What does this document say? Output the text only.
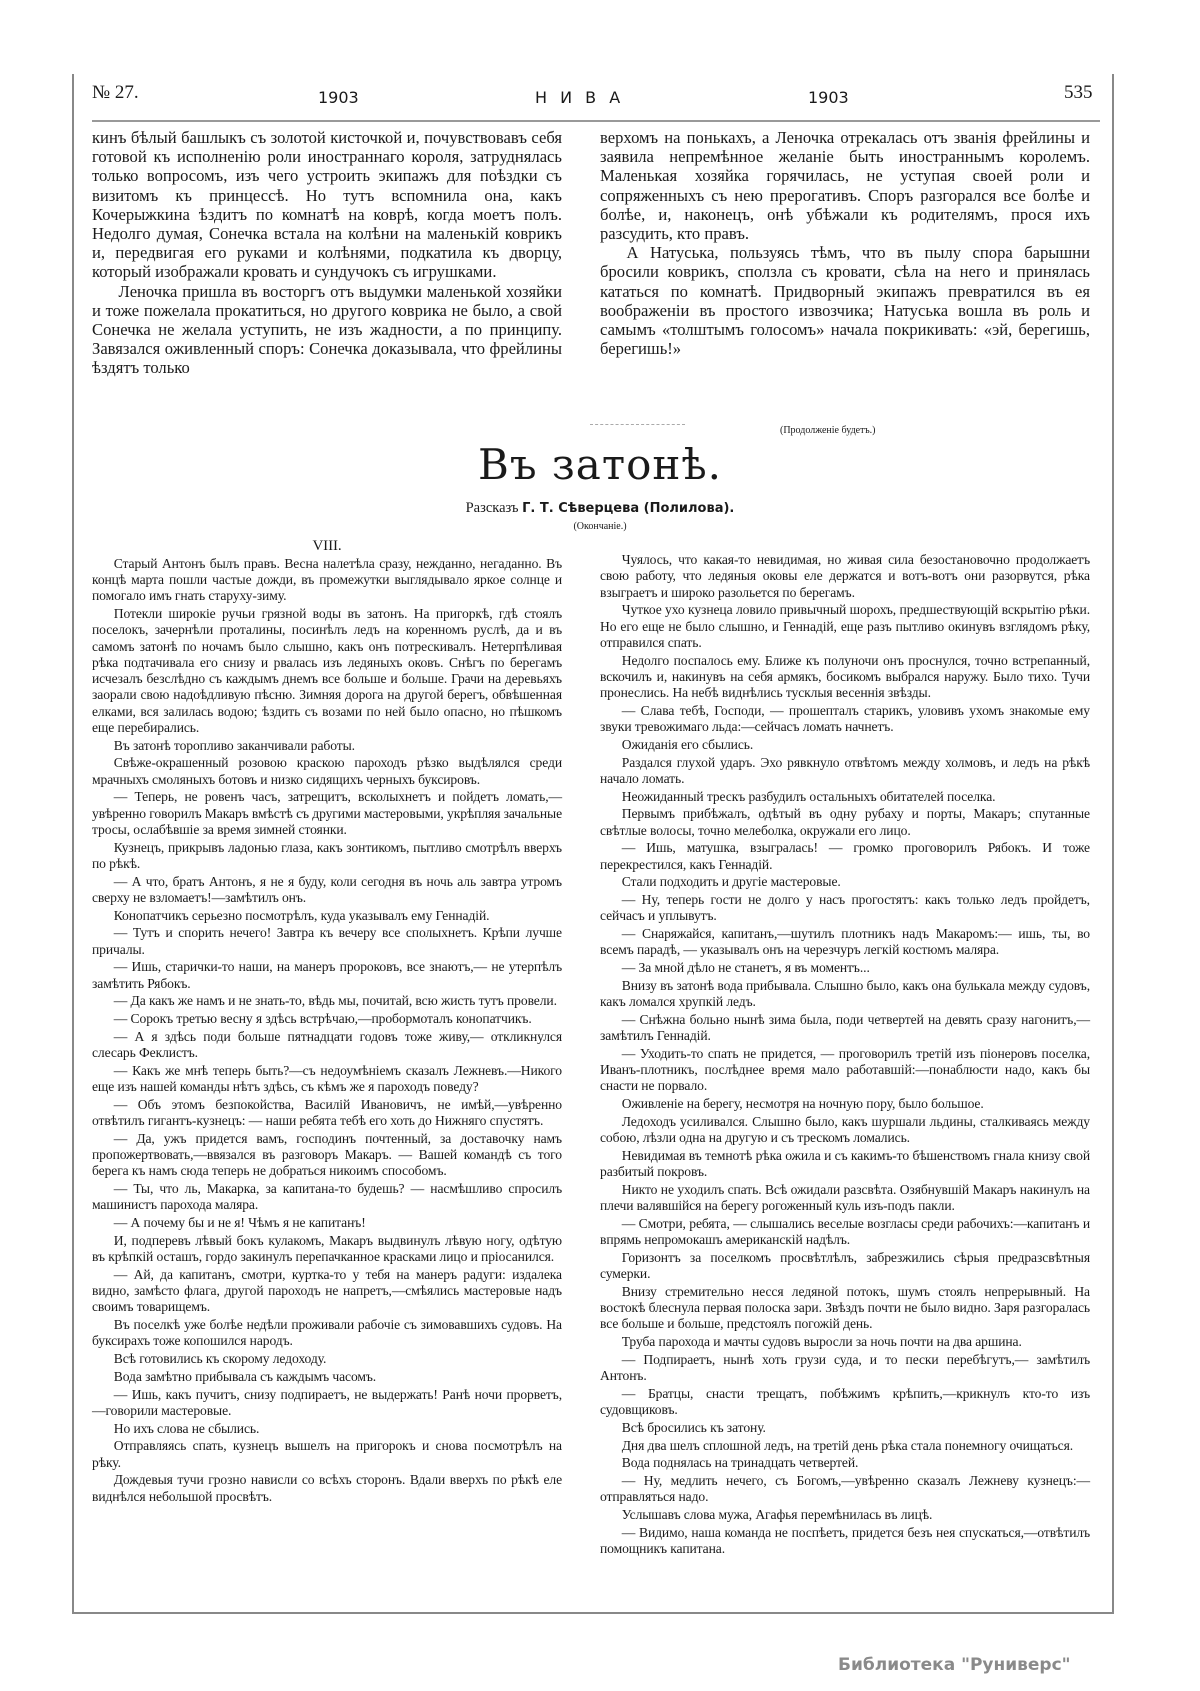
№ 27.	1903	Н И В А	1903	535

кинъ бѣлый башлыкъ съ золотой кисточкой и, почувствовавъ себя готовой къ исполненію роли иностраннаго короля, затруднялась только вопросомъ, изъ чего устроить экипажъ для поѣздки съ визитомъ къ принцессѣ. Но тутъ вспомнила она, какъ Кочерыжкина ѣздитъ по комнатѣ на коврѣ, когда моетъ полъ. Недолго думая, Сонечка встала на колѣни на маленькій коврикъ и, передвигая его руками и колѣнями, подкатила къ дворцу, который изображали кровать и сундучокъ съ игрушками.

Леночка пришла въ восторгъ отъ выдумки маленькой хозяйки и тоже пожелала прокатиться, но другого коврика не было, а свой Сонечка не желала уступить, не изъ жадности, а по принципу. Завязался оживленный споръ: Сонечка доказывала, что фрейлины ѣздятъ только

верхомъ на понькахъ, а Леночка отрекалась отъ званія фрейлины и заявила непремѣнное желаніе быть иностраннымъ королемъ. Маленькая хозяйка горячилась, не уступая своей роли и сопряженныхъ съ нею прерогативъ. Споръ разгорался все болѣе и болѣе, и, наконецъ, онѣ убѣжали къ родителямъ, прося ихъ разсудить, кто правъ.

А Натуська, пользуясь тѣмъ, что въ пылу спора барышни бросили коврикъ, сползла съ кровати, сѣла на него и принялась кататься по комнатѣ. Придворный экипажъ превратился въ ея воображеніи въ простого извозчика; Натуська вошла въ роль и самымъ «толштымъ голосомъ» начала покрикивать: «эй, берегишь, берегишь!»

(Продолженіе будетъ.)
Въ затонѣ.
Разсказъ Г. Т. Сѣверцева (Полилова).
(Окончаніе.)

VIII.

Старый Антонъ былъ правъ. Весна налетѣла сразу, нежданно, негаданно. Въ концѣ марта пошли частые дожди, въ промежутки выглядывало яркое солнце и помогало имъ гнать старуху-зиму.

Потекли широкіе ручьи грязной воды въ затонъ. На пригоркѣ, гдѣ стоялъ поселокъ, зачернѣли проталины, посинѣлъ ледъ на коренномъ руслѣ, да и въ самомъ затонѣ по ночамъ было слышно, какъ онъ потрескивалъ. Нетерпѣливая рѣка подтачивала его снизу и рвалась изъ ледяныхъ оковъ. Снѣгъ по берегамъ исчезалъ безслѣдно съ каждымъ днемъ все больше и больше. Грачи на деревьяхъ заорали свою надоѣдливую пѣсню. Зимняя дорога на другой берегъ, обвѣшенная елками, вся залилась водою; ѣздить съ возами по ней было опасно, но пѣшкомъ еще перебирались.

Въ затонѣ торопливо заканчивали работы.

Свѣже-окрашенный розовою краскою пароходъ рѣзко выдѣлялся среди мрачныхъ смоляныхъ ботовъ и низко сидящихъ черныхъ буксировъ.

— Теперь, не ровенъ часъ, затрещитъ, всколыхнетъ и пойдетъ ломать,—увѣренно говорилъ Макаръ вмѣстѣ съ другими мастеровыми, укрѣпляя зачальные тросы, ослабѣвшіе за время зимней стоянки.

Кузнецъ, прикрывъ ладонью глаза, какъ зонтикомъ, пытливо смотрѣлъ вверхъ по рѣкѣ.

— А что, братъ Антонъ, я не я буду, коли сегодня въ ночь аль завтра утромъ сверху не взломаетъ!—замѣтилъ онъ.

Конопатчикъ серьезно посмотрѣлъ, куда указывалъ ему Геннадій.

— Тутъ и спорить нечего! Завтра къ вечеру все сполыхнетъ. Крѣпи лучше причалы.

— Ишь, старички-то наши, на манеръ пророковъ, все знаютъ,— не утерпѣлъ замѣтить Рябокъ.

— Да какъ же намъ и не знать-то, вѣдь мы, почитай, всю жисть тутъ провели.

— Сорокъ третью весну я здѣсь встрѣчаю,—пробормоталъ конопатчикъ.

— А я здѣсь поди больше пятнадцати годовъ тоже живу,— откликнулся слесарь Феклистъ.

— Какъ же мнѣ теперь быть?—съ недоумѣніемъ сказалъ Лежневъ.—Никого еще изъ нашей команды нѣтъ здѣсь, съ кѣмъ же я пароходъ поведу?

— Объ этомъ безпокойства, Василій Ивановичъ, не имѣй,—увѣренно отвѣтилъ гигантъ-кузнецъ: — наши ребята тебѣ его хоть до Нижняго спустятъ.

— Да, ужъ придется вамъ, господинъ почтенный, за доставочку намъ пропожертвовать,—ввязался въ разговоръ Макаръ. — Вашей командѣ съ того берега къ намъ сюда теперь не добраться никоимъ способомъ.

— Ты, что ль, Макарка, за капитана-то будешь? — насмѣшливо спросилъ машинистъ парохода маляра.

— А почему бы и не я! Чѣмъ я не капитанъ!

И, подперевъ лѣвый бокъ кулакомъ, Макаръ выдвинулъ лѣвую ногу, одѣтую въ крѣпкій осташъ, гордо закинулъ перепачканное красками лицо и пріосанился.

— Ай, да капитанъ, смотри, куртка-то у тебя на манеръ радуги: издалека видно, замѣсто флага, другой пароходъ не напретъ,—смѣялись мастеровые надъ своимъ товарищемъ.

Въ поселкѣ уже болѣе недѣли проживали рабочіе съ зимовавшихъ судовъ. На буксирахъ тоже копошился народъ.

Всѣ готовились къ скорому ледоходу.

Вода замѣтно прибывала съ каждымъ часомъ.

— Ишь, какъ пучитъ, снизу подпираетъ, не выдержать! Ранѣ ночи прорветъ,—говорили мастеровые.

Но ихъ слова не сбылись.

Отправляясь спать, кузнецъ вышелъ на пригорокъ и снова посмотрѣлъ на рѣку.

Дождевыя тучи грозно нависли со всѣхъ сторонъ. Вдали вверхъ по рѣкѣ еле виднѣлся небольшой просвѣтъ.

Чуялось, что какая-то невидимая, но живая сила безостановочно продолжаетъ свою работу, что ледяныя оковы еле держатся и вотъ-вотъ они разорвутся, рѣка взыграетъ и широко разольется по берегамъ.

Чуткое ухо кузнеца ловило привычный шорохъ, предшествующій вскрытію рѣки. Но его еще не было слышно, и Геннадій, еще разъ пытливо окинувъ взглядомъ рѣку, отправился спать.

Недолго поспалось ему. Ближе къ полуночи онъ проснулся, точно встрепанный, вскочилъ и, накинувъ на себя армякъ, босикомъ выбрался наружу. Было тихо. Тучи пронеслись. На небѣ виднѣлись тусклыя весеннія звѣзды.

— Слава тебѣ, Господи, — прошепталъ старикъ, уловивъ ухомъ знакомые ему звуки тревожимаго льда:—сейчасъ ломать начнетъ.

Ожиданія его сбылись.

Раздался глухой ударъ. Эхо рявкнуло отвѣтомъ между холмовъ, и ледъ на рѣкѣ начало ломать.

Неожиданный трескъ разбудилъ остальныхъ обитателей поселка.

Первымъ прибѣжалъ, одѣтый въ одну рубаху и порты, Макаръ; спутанные свѣтлые волосы, точно мелеболка, окружали его лицо.

— Ишь, матушка, взыгралась! — громко проговорилъ Рябокъ. И тоже перекрестился, какъ Геннадій.

Стали подходить и другіе мастеровые.

— Ну, теперь гости не долго у насъ прогостятъ: какъ только ледъ пройдетъ, сейчасъ и уплывутъ.

— Снаряжайся, капитанъ,—шутилъ плотникъ надъ Макаромъ:— ишь, ты, во всемъ парадѣ, — указывалъ онъ на черезчуръ легкій костюмъ маляра.

— За мной дѣло не станетъ, я въ моментъ...

Внизу въ затонѣ вода прибывала. Слышно было, какъ она булькала между судовъ, какъ ломался хрупкій ледъ.

— Снѣжна больно нынѣ зима была, поди четвертей на девять сразу нагонитъ,—замѣтилъ Геннадій.

— Уходить-то спать не придется, — проговорилъ третій изъ піонеровъ поселка, Иванъ-плотникъ, послѣднее время мало работавшій:—понаблюсти надо, какъ бы снасти не порвало.

Оживленіе на берегу, несмотря на ночную пору, было большое.

Ледоходъ усиливался. Слышно было, какъ шуршали льдины, сталкиваясь между собою, лѣзли одна на другую и съ трескомъ ломались.

Невидимая въ темнотѣ рѣка ожила и съ какимъ-то бѣшенствомъ гнала книзу свой разбитый покровъ.

Никто не уходилъ спать. Всѣ ожидали разсвѣта. Озябнувшій Макаръ накинулъ на плечи валявшійся на берегу рогоженный куль изъ-подъ пакли.

— Смотри, ребята, — слышались веселые возгласы среди рабочихъ:—капитанъ и впрямь непромокашъ американскій надѣлъ.

Горизонтъ за поселкомъ просвѣтлѣлъ, забрезжились сѣрыя предразсвѣтныя сумерки.

Внизу стремительно несся ледяной потокъ, шумъ стоялъ непрерывный. На востокѣ блеснула первая полоска зари. Звѣздъ почти не было видно. Заря разгоралась все больше и больше, предстоялъ погожій день.

Труба парохода и мачты судовъ выросли за ночь почти на два аршина.

— Подпираетъ, нынѣ хоть грузи суда, и то пески перебѣгутъ,— замѣтилъ Антонъ.

— Братцы, снасти трещатъ, побѣжимъ крѣпить,—крикнулъ кто-то изъ судовщиковъ.

Всѣ бросились къ затону.

Дня два шелъ сплошной ледъ, на третій день рѣка стала понемногу очищаться.

Вода поднялась на тринадцать четвертей.

— Ну, медлить нечего, съ Богомъ,—увѣренно сказалъ Лежневу кузнецъ:—отправляться надо.

Услышавъ слова мужа, Агафья перемѣнилась въ лицѣ.

— Видимо, наша команда не поспѣетъ, придется безъ нея спускаться,—отвѣтилъ помощникъ капитана.

Библиотека "Руниверс"
